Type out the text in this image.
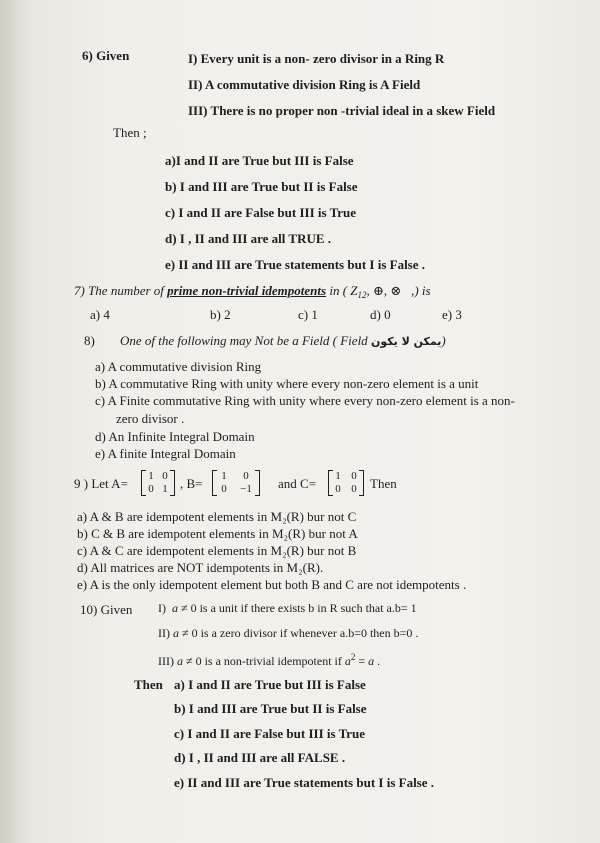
6) Given	I) Every unit is a non- zero divisor in a Ring R
II) A commutative division Ring is A Field
III) There is no proper non -trivial ideal in a skew Field
Then ;
a)I and II are True but III is False
b) I and III are True but II is False
c) I and II are False but III is True
d) I , II and III are all TRUE .
e) II and III are True statements but I is False .
7) The number of prime non-trivial idempotents in ( $Z_{12}$, ⊕, ⊗ ,) is
a) 4	b) 2	c) 1	d) 0	e) 3
8) One of the following may Not be a Field ( Field يمكن لا يكون)
a) A commutative division Ring
b) A commutative Ring with unity where every non-zero element is a unit
c) A Finite commutative Ring with unity where every non-zero element is a non-
zero divisor .
d) An Infinite Integral Domain
e) A finite Integral Domain
9 ) Let A= 1 0
0 1 , B= 1 0
0 −1 and C= 1 0
0 0 Then
a) A & B are idempotent elements in M₂(R) bur not C
b) C & B are idempotent elements in M₂(R) bur not A
c) A & C are idempotent elements in M₂(R) bur not B
d) All matrices are NOT idempotents in M₂(R).
e) A is the only idempotent element but both B and C are not idempotents .
10) Given I) a ≠ 0 is a unit if there exists b in R such that a.b= 1
II) a ≠ 0 is a zero divisor if whenever a.b=0 then b=0 .
III) a ≠ 0 is a non-trivial idempotent if $a^2 = a$ .
Then a) I and II are True but III is False
b) I and III are True but II is False
c) I and II are False but III is True
d) I , II and III are all FALSE .
e) II and III are True statements but I is False .
